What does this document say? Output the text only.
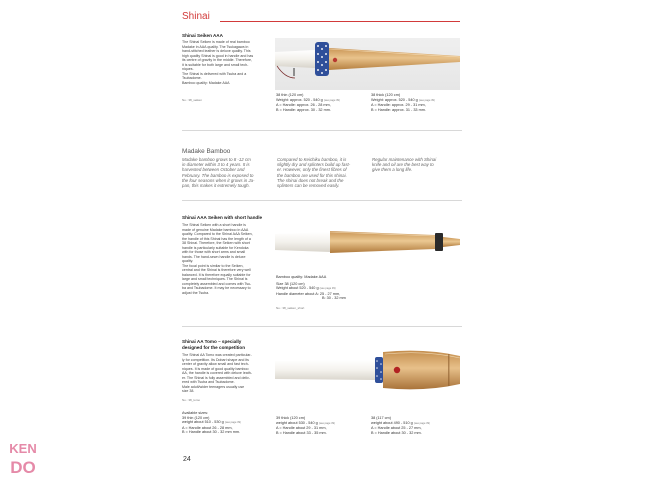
Shinai
Shinai Seiken AAA
The Shinai Seiken is made of real bamboo
Madake in AAA quality. The Tsukagawa in
hand-stitched leather is deluxe quality. This
high quality Shinai is good in handle and has
its centre of gravity in the middle. Therefore,
it is suitable for both large and small tech-
niques.
The Shinai is delivered with Tsuba and a
Tsubadome.
Bamboo quality: Madake AAA
No.: 38_seiken
38 thin (120 cm)
Weight: approx. 520 - 540 g (see page 39)
A = Handle: approx. 26 - 28 mm,
B = Handle: approx. 30 - 32 mm.
38 thick (120 cm)
Weight: approx. 520 - 540 g (see page 39)
A = Handle: approx. 29 - 31 mm,
B = Handle: approx. 31 - 33 mm.
Madake Bamboo
Madake bamboo grows to 8 -12 cm
in diameter within 3 to 4 years. It is
harvested between October and
February. The bamboo is exposed to
the four seasons when it grows in Ja-
pan, this makes it extremely tough.
Compared to Keichiku bamboo, it is
slightly dry and splinters build up fast-
er. However, only the finest fibres of
the bamboo are used for this shinai.
The shinai does not break and the
splinters can be removed easily.
Regular maintenance with Shinai
knife and oil are the best way to
give them a long life.
Shinai AAA Seiken with short handle
The Shinai Seiken with a short handle is
made of genuine Madake bamboo in AAA
quality. Compared to the Shinai AAA Seiken,
the handle of this Shinai has the length of a
38 Shinai. Therefore, the Seiken with short
handle is particularly suitable for Kendoka
with for those with short arms and small
hands. The hand-sewn handle is deluxe
quality.
The focal point is similar to the Seiken,
central and the Shinai is therefore very well
balanced. It is therefore equally suitable for
large and small techniques. The Shinai is
completely assembled and comes with Tsu-
ba and Tsubadome. It may be necessary to
adjust the Tsuba.
Bamboo quality: Madake AAA
Size 38 (120 cm)
Weight about 520 - 540 g (see page 39)
Handle diameter about A: 25 - 27 mm,
B: 30 - 32 mm
No.: 38_seiken_short
Shinai AA Tomo – specially
designed for the competition
The Shinai AA Tomo was created particular-
ly for competition. Its Dobari shape and its
center of gravity allow small and fast tech-
niques. It is made of good quality bamboo
AA, the handle is covered with deluxe leath-
er. The Shinai is fully assembled and deliv-
ered with Tsuba and Tsubadome.
Male adult/wider teenagers usually use
size 38.
No.: 38_tomo
Available sizes:
39 thin (120 cm)
weight about 510 - 530 g (see page 39)
A = Handle about 26 - 28 mm,
B = Handle about 30 - 32 mm mm.
39 thick (120 cm)
weight about 530 - 540 g (see page 39)
A = Handle about 29 - 31 mm,
B = Handle about 33 - 35 mm.
38 (117 cm)
weight about 490 - 510 g (see page 39)
A = Handle about 25 - 27 mm,
B = Handle about 30 - 32 mm.
24
KEN
DO
